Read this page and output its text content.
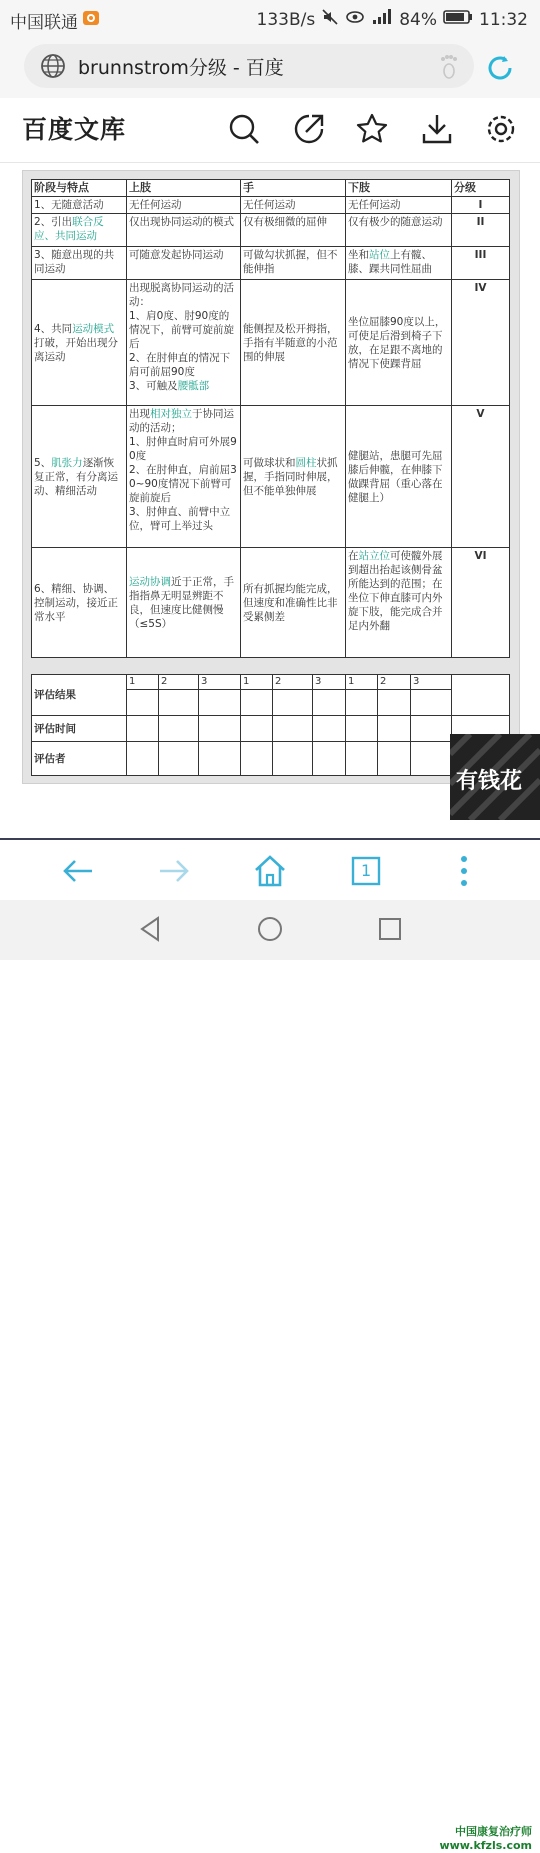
中国联通	133B/s	84% 11:32
brunnstrom分级 - 百度
百度文库
阶段与特点	上肢	手	下肢	分级
1、无随意活动	无任何运动	无任何运动	无任何运动	I
2、引出联合反应、共同运动	仅出现协同运动的模式	仅有极细微的屈伸	仅有极少的随意运动	II
3、随意出现的共同运动	可随意发起协同运动	可做勾状抓握，但不能伸指	坐和站位上有髋、膝、踝共同性屈曲	III
4、共同运动模式打破，开始出现分离运动	出现脱离协同运动的活动：
1、肩0度、肘90度的情况下，前臂可旋前旋后
2、在肘伸直的情况下肩可前屈90度
3、可触及腰骶部	能侧捏及松开拇指，手指有半随意的小范围的伸展	坐位屈膝90度以上，可使足后滑到椅子下放，在足跟不离地的情况下使踝背屈	IV
5、肌张力逐渐恢复正常，有分离运动、精细活动	出现相对独立于协同运动的活动；
1、肘伸直时肩可外展90度
2、在肘伸直，肩前屈30~90度情况下前臂可旋前旋后
3、肘伸直、前臂中立位，臂可上举过头	可做球状和圆柱状抓握，手指同时伸展，但不能单独伸展	健腿站，患腿可先屈膝后伸髋，在伸膝下做踝背屈（重心落在健腿上）	V
6、精细、协调、控制运动，接近正常水平	运动协调近于正常，手指指鼻无明显辨距不良，但速度比健侧慢（≤5S）	所有抓握均能完成，但速度和准确性比非受累侧差	在站立位可使髋外展到超出抬起该侧骨盆所能达到的范围；在坐位下伸直膝可内外旋下肢，能完成合并足内外翻	VI
评估结果	1	2	3	1	2	3	1	2	3	

评估时间										
评估者										
有钱花
1
中国康复治疗师
www.kfzls.com
